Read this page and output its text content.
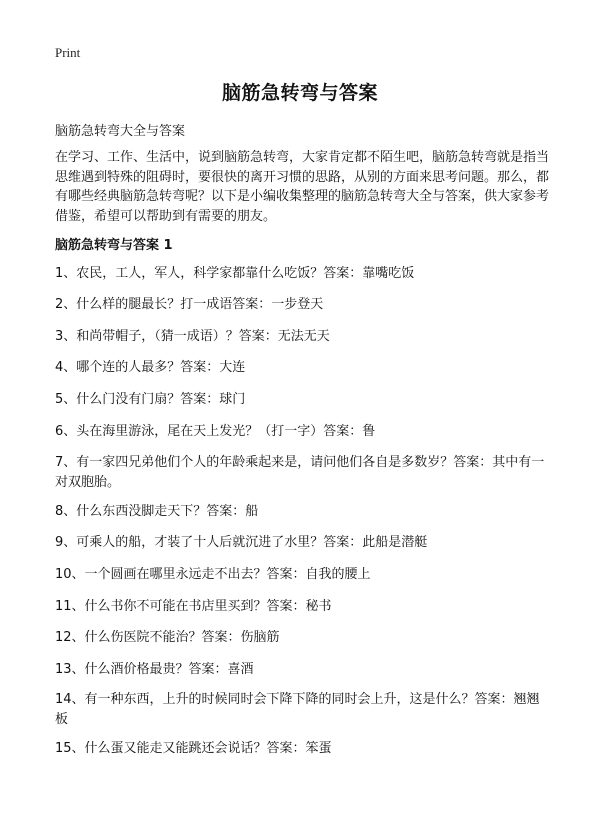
Print
脑筋急转弯与答案
脑筋急转弯大全与答案

在学习、工作、生活中，说到脑筋急转弯，大家肯定都不陌生吧，脑筋急转弯就是指当思维遇到特殊的阻碍时，要很快的离开习惯的思路，从别的方面来思考问题。那么，都有哪些经典脑筋急转弯呢？以下是小编收集整理的脑筋急转弯大全与答案，供大家参考借鉴，希望可以帮助到有需要的朋友。

脑筋急转弯与答案 1
1、农民，工人，军人，科学家都靠什么吃饭？答案：靠嘴吃饭
2、什么样的腿最长？打一成语答案：一步登天
3、和尚带帽子，（猜一成语）？答案：无法无天
4、哪个连的人最多？答案：大连
5、什么门没有门扇？答案：球门
6、头在海里游泳，尾在天上发光？（打一字）答案：鲁
7、有一家四兄弟他们个人的年龄乘起来是，请问他们各自是多数岁？答案：其中有一对双胞胎。
8、什么东西没脚走天下？答案：船
9、可乘人的船，才装了十人后就沉进了水里？答案：此船是潜艇
10、一个圆画在哪里永远走不出去？答案：自我的腰上
11、什么书你不可能在书店里买到？答案：秘书
12、什么伤医院不能治？答案：伤脑筋
13、什么酒价格最贵？答案：喜酒
14、有一种东西，上升的时候同时会下降下降的同时会上升，这是什么？答案：翘翘板
15、什么蛋又能走又能跳还会说话？答案：笨蛋
